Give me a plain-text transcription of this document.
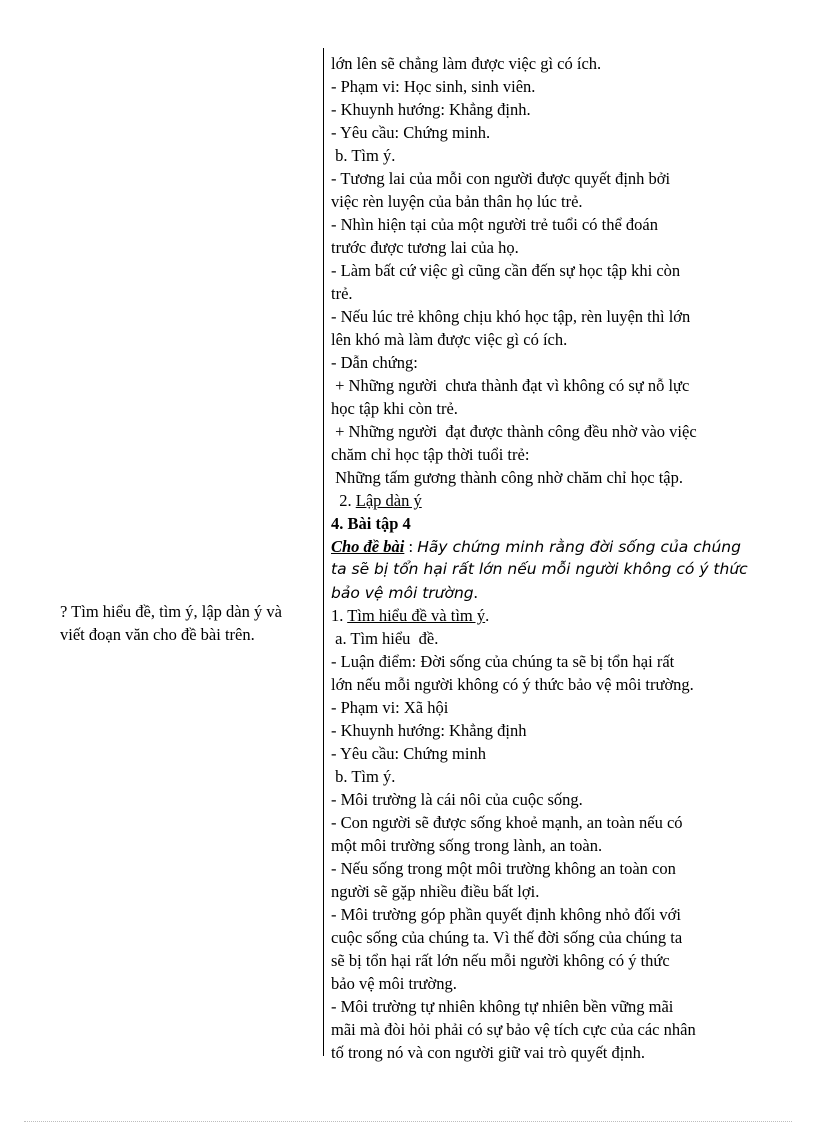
? Tìm hiểu đề, tìm ý, lập dàn ý và
viết đoạn văn cho đề bài trên.
lớn lên sẽ chẳng làm được việc gì có ích.
- Phạm vi: Học sinh, sinh viên.
- Khuynh hướng: Khẳng định.
- Yêu cầu: Chứng minh.
b. Tìm ý.
- Tương lai của mỗi con người được quyết định bởi
việc rèn luyện của bản thân họ lúc trẻ.
- Nhìn hiện tại của một người trẻ tuổi có thể đoán
trước được tương lai của họ.
- Làm bất cứ việc gì cũng cần đến sự học tập khi còn
trẻ.
- Nếu lúc trẻ không chịu khó học tập, rèn luyện thì lớn
lên khó mà làm được việc gì có ích.
- Dẫn chứng:
+ Những người  chưa thành đạt vì không có sự nỗ lực
học tập khi còn trẻ.
+ Những người  đạt được thành công đều nhờ vào việc
chăm chỉ học tập thời tuổi trẻ:
Những tấm gương thành công nhờ chăm chỉ học tập.
2. Lập dàn ý
4. Bài tập 4
Cho đề bài : Hãy chứng minh rằng đời sống của chúng
ta sẽ bị tổn hại rất lớn nếu mỗi người không có ý thức
bảo vệ môi trường.
1. Tìm hiểu đề và tìm ý.
a. Tìm hiểu  đề.
- Luận điểm: Đời sống của chúng ta sẽ bị tổn hại rất
lớn nếu mỗi người không có ý thức bảo vệ môi trường.
- Phạm vi: Xã hội
- Khuynh hướng: Khẳng định
- Yêu cầu: Chứng minh
b. Tìm ý.
- Môi trường là cái nôi của cuộc sống.
- Con người sẽ được sống khoẻ mạnh, an toàn nếu có
một môi trường sống trong lành, an toàn.
- Nếu sống trong một môi trường không an toàn con
người sẽ gặp nhiều điều bất lợi.
- Môi trường góp phần quyết định không nhỏ đối với
cuộc sống của chúng ta. Vì thế đời sống của chúng ta
sẽ bị tổn hại rất lớn nếu mỗi người không có ý thức
bảo vệ môi trường.
- Môi trường tự nhiên không tự nhiên bền vững mãi
mãi mà đòi hỏi phải có sự bảo vệ tích cực của các nhân
tố trong nó và con người giữ vai trò quyết định.
